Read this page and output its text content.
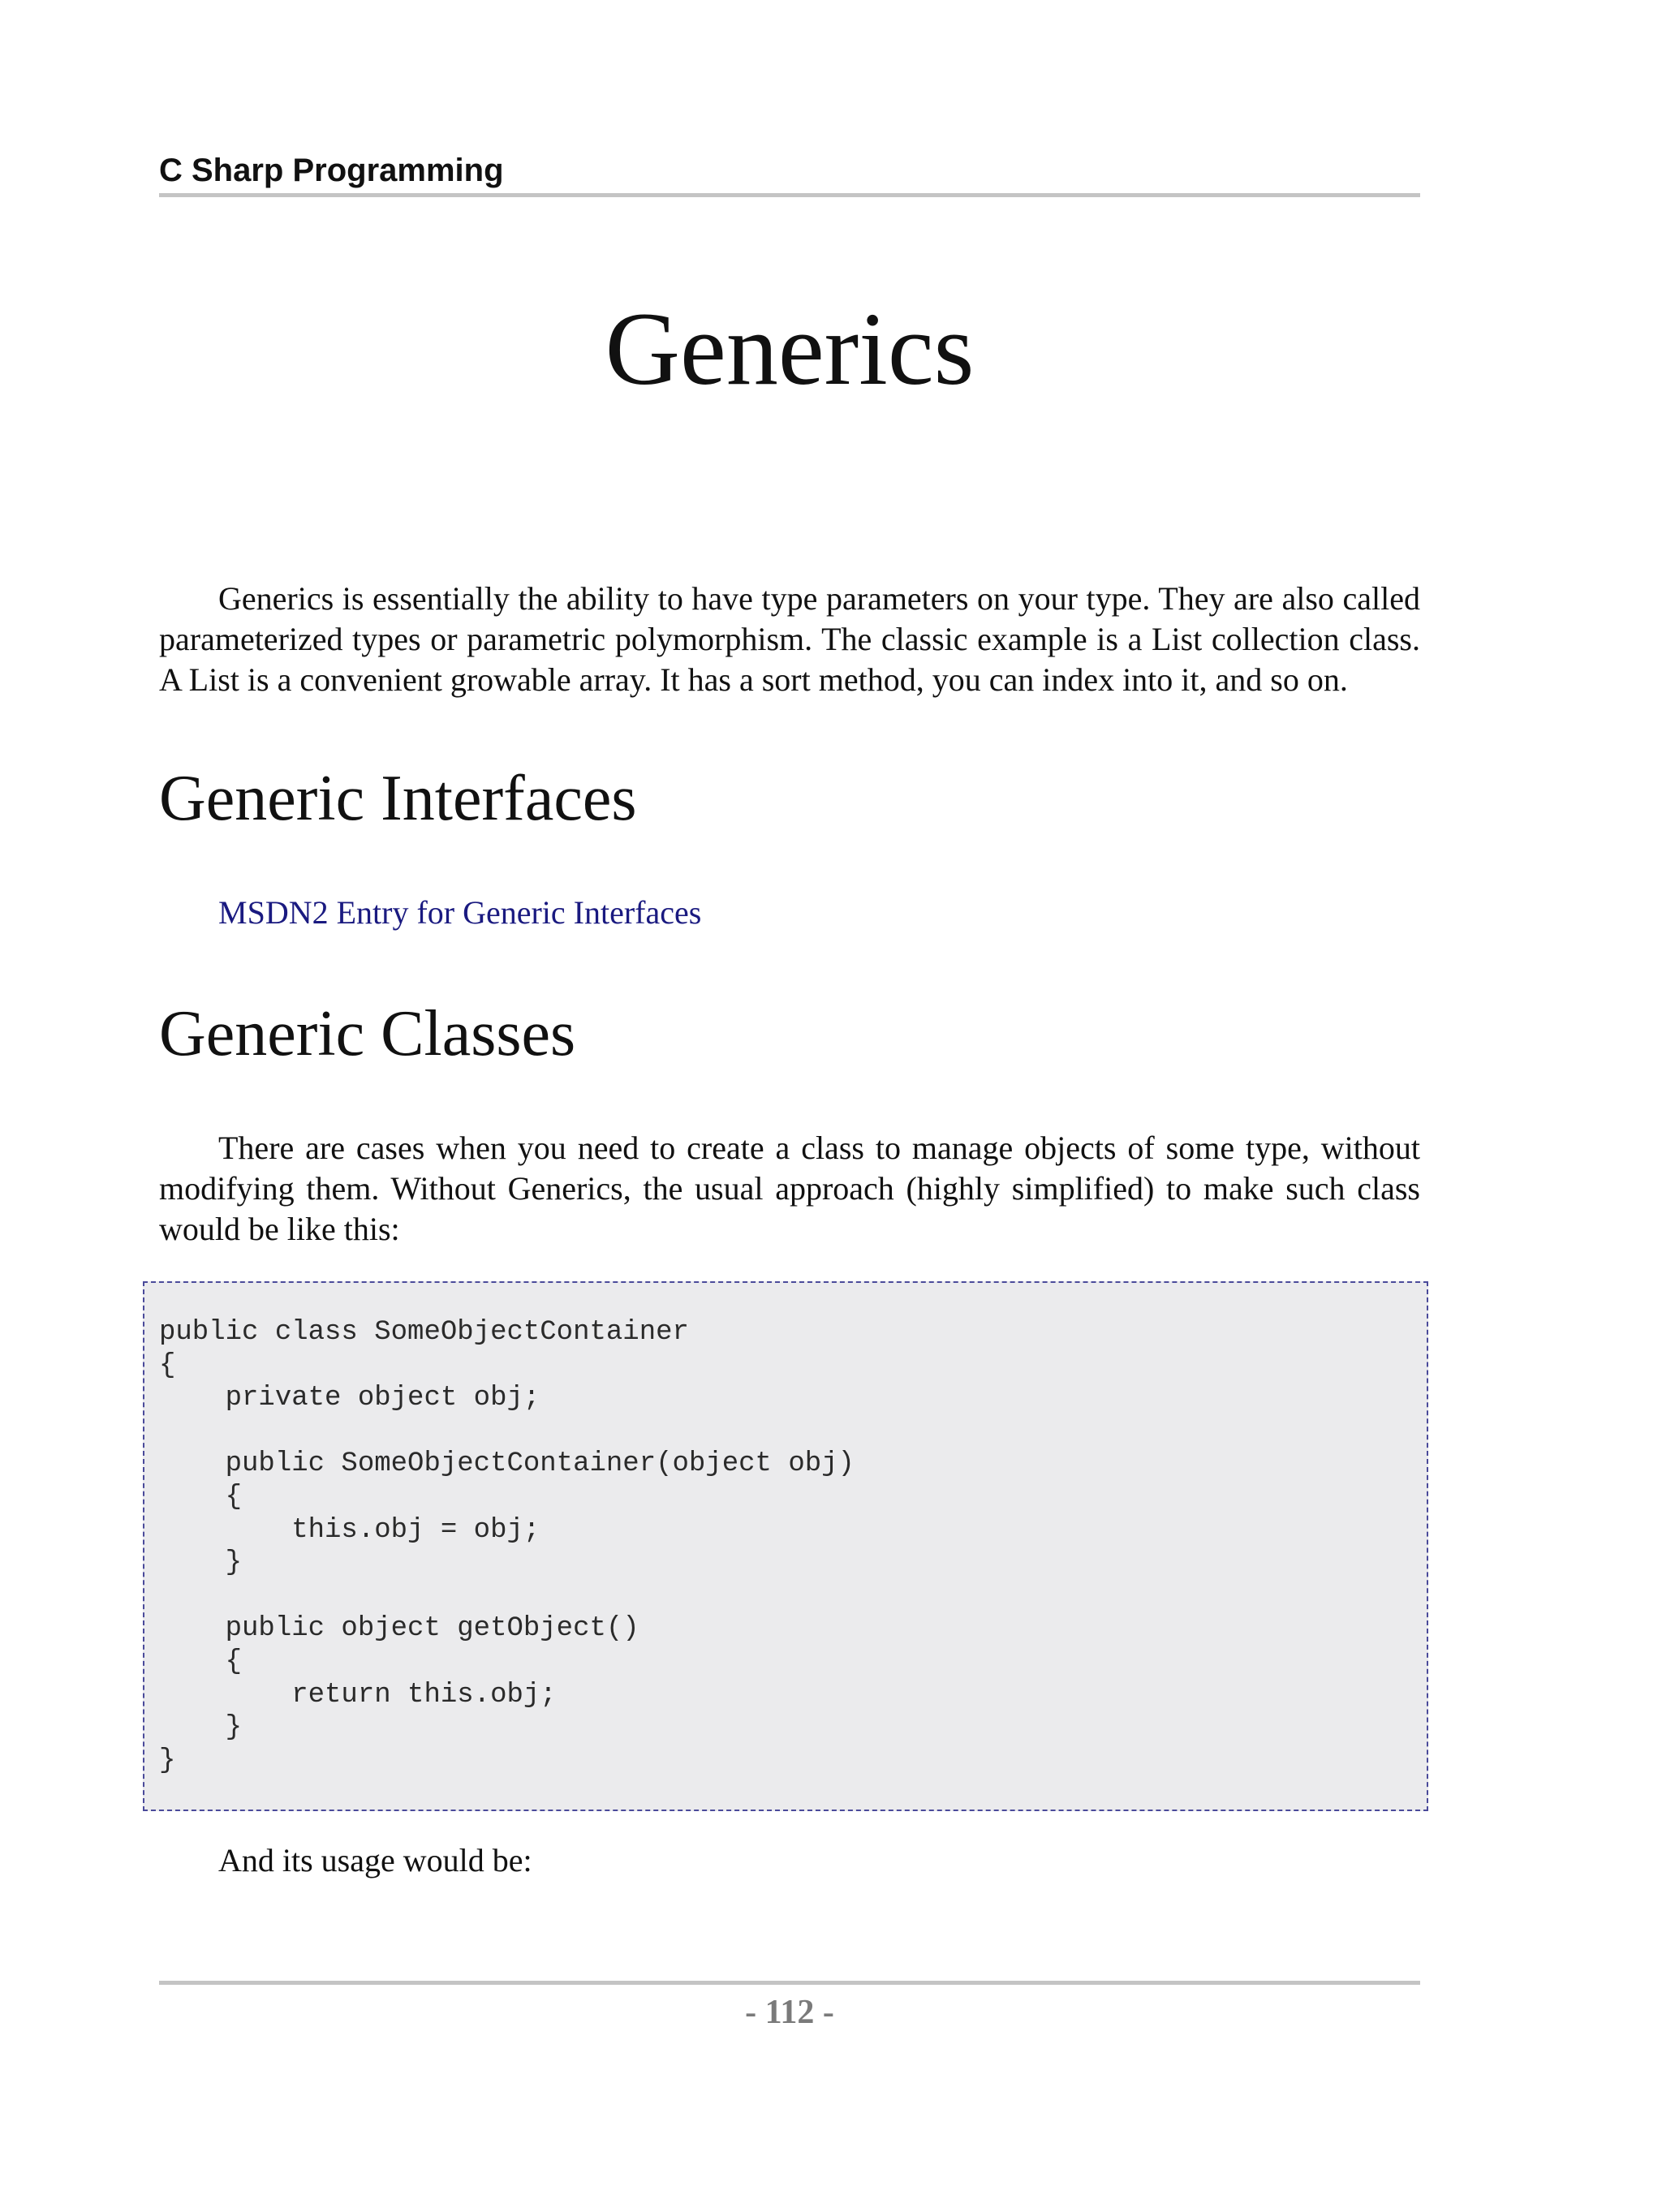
C Sharp Programming
Generics

Generics is essentially the ability to have type parameters on your type. They are also called parameterized types or parametric polymorphism. The classic example is a List collection class. A List is a convenient growable array. It has a sort method, you can index into it, and so on.

Generic Interfaces
MSDN2 Entry for Generic Interfaces
Generic Classes

There are cases when you need to create a class to manage objects of some type, without modifying them. Without Generics, the usual approach (highly simplified) to make such class would be like this:

public class SomeObjectContainer
{
private object obj;

public SomeObjectContainer(object obj)
{
this.obj = obj;
}

public object getObject()
{
return this.obj;
}
}

And its usage would be:

- 112 -
